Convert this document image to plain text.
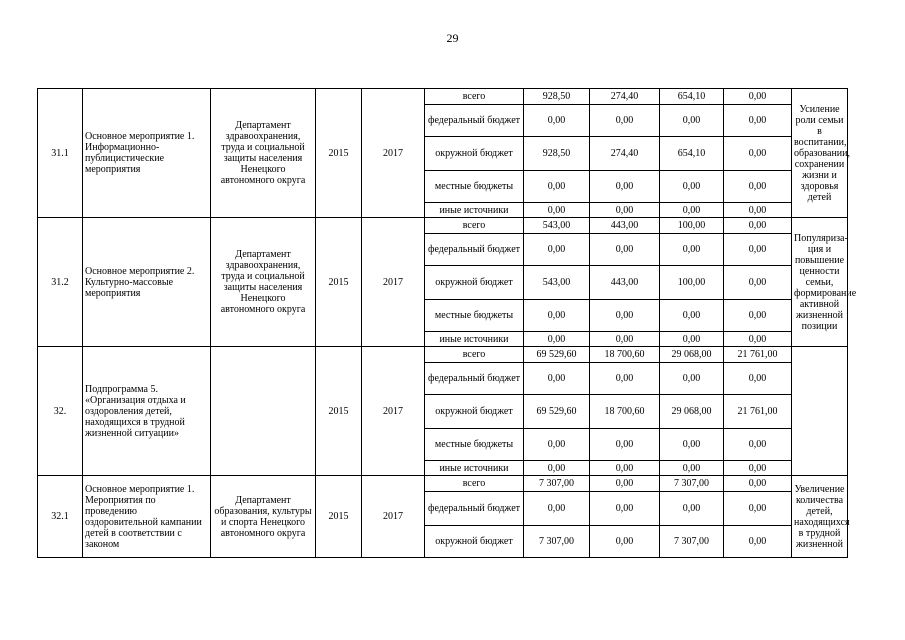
29
31.1	Основное мероприятие 1. Информационно-публицистические мероприятия	Департамент здравоохранения, труда и социальной защиты населения Ненецкого автономного округа	2015	2017	всего	928,50	274,40	654,10	0,00	Усиление роли семьи в воспитании, образовании, сохранении жизни и здоровья детей
					федеральный бюджет	0,00	0,00	0,00	0,00	
					окружной бюджет	928,50	274,40	654,10	0,00	
					местные бюджеты	0,00	0,00	0,00	0,00	
					иные источники	0,00	0,00	0,00	0,00	
31.2	Основное мероприятие 2. Культурно-массовые мероприятия	Департамент здравоохранения, труда и социальной защиты населения Ненецкого автономного округа	2015	2017	всего	543,00	443,00	100,00	0,00	Популяриза-ция и повышение ценности семьи, формирование активной жизненной позиции
					федеральный бюджет	0,00	0,00	0,00	0,00	
					окружной бюджет	543,00	443,00	100,00	0,00	
					местные бюджеты	0,00	0,00	0,00	0,00	
					иные источники	0,00	0,00	0,00	0,00	
32.	Подпрограмма 5. «Организация отдыха и оздоровления детей, находящихся в трудной жизненной ситуации»		2015	2017	всего	69 529,60	18 700,60	29 068,00	21 761,00	
					федеральный бюджет	0,00	0,00	0,00	0,00	
					окружной бюджет	69 529,60	18 700,60	29 068,00	21 761,00	
					местные бюджеты	0,00	0,00	0,00	0,00	
					иные источники	0,00	0,00	0,00	0,00	
32.1	Основное мероприятие 1. Мероприятия по проведению оздоровительной кампании детей в соответствии с законом	Департамент образования, культуры и спорта Ненецкого автономного округа	2015	2017	всего	7 307,00	0,00	7 307,00	0,00	Увеличение количества детей, находящихся в трудной жизненной
					федеральный бюджет	0,00	0,00	0,00	0,00	
					окружной бюджет	7 307,00	0,00	7 307,00	0,00	
